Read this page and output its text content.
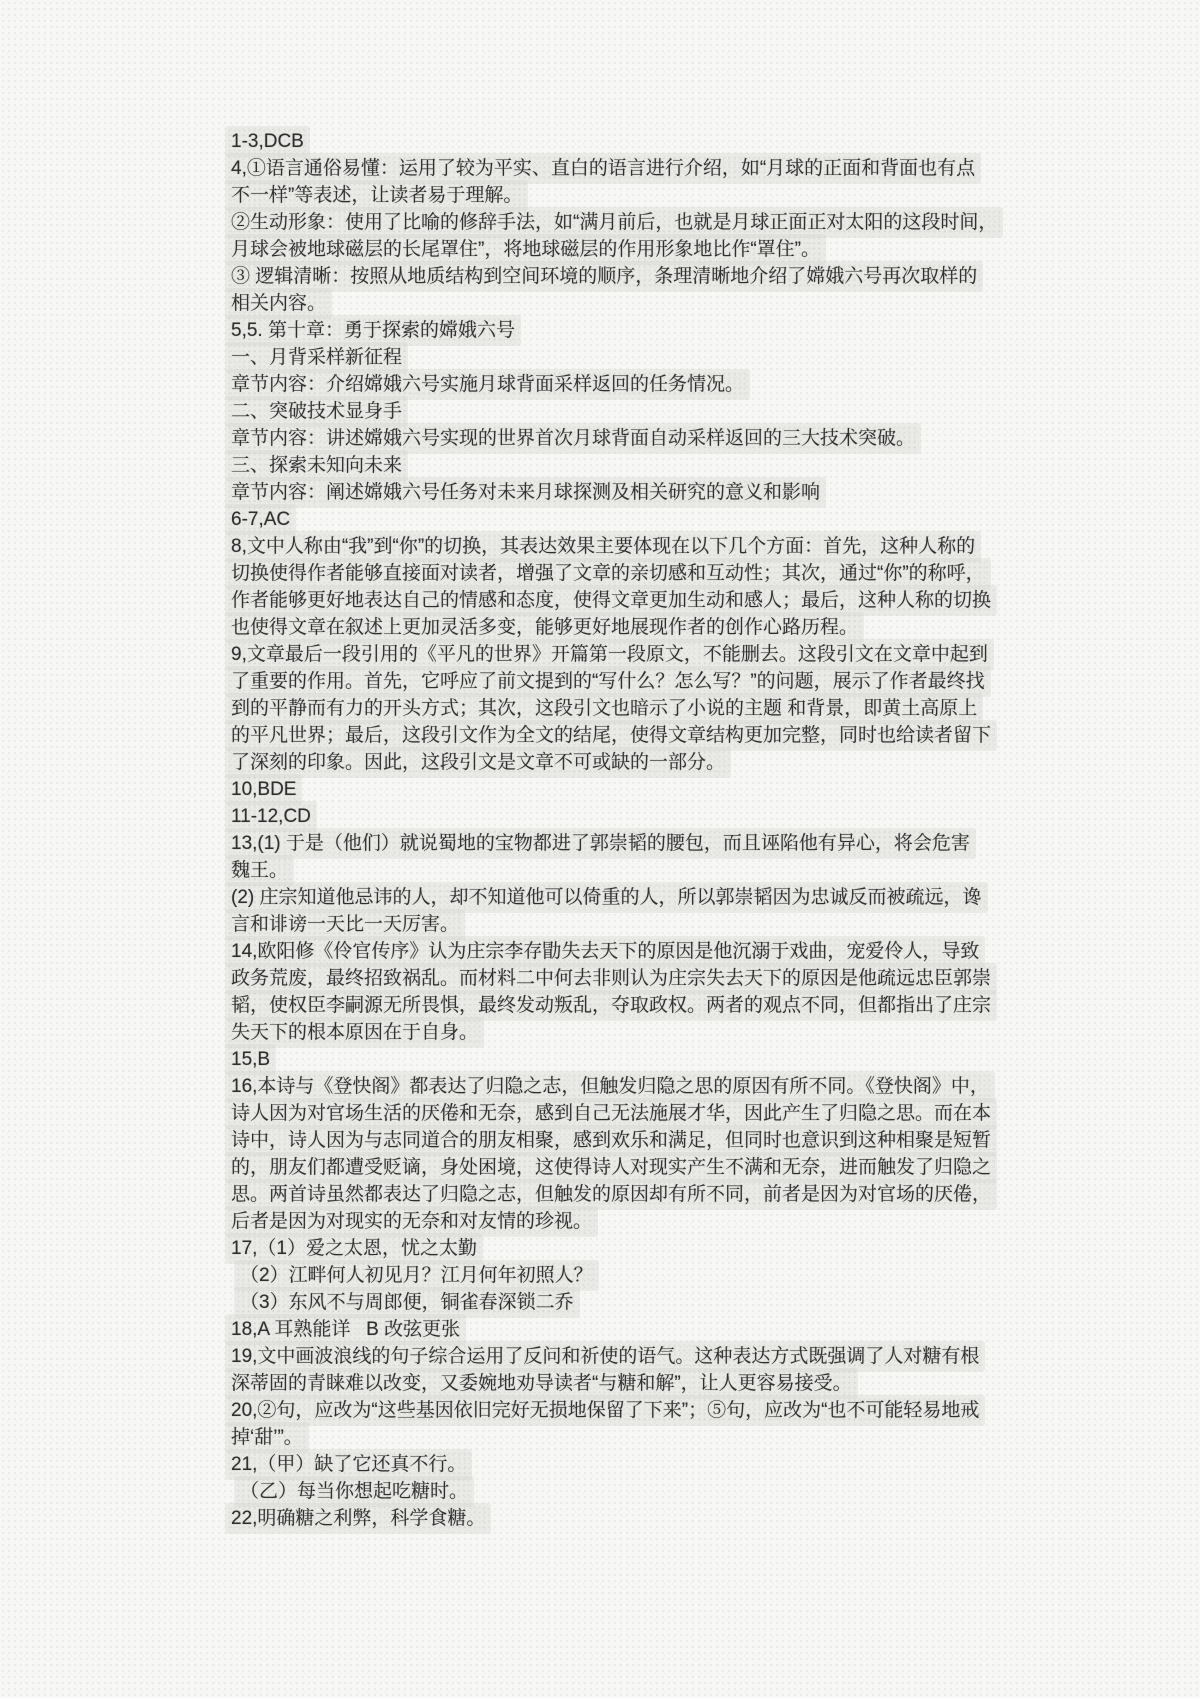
1-3,DCB

4,①语言通俗易懂：运用了较为平实、直白的语言进行介绍，如“月球的正面和背面也有点

不一样”等表述，让读者易于理解。

②生动形象：使用了比喻的修辞手法，如“满月前后，也就是月球正面正对太阳的这段时间，

月球会被地球磁层的长尾罩住”，将地球磁层的作用形象地比作“罩住”。

③ 逻辑清晰：按照从地质结构到空间环境的顺序，条理清晰地介绍了嫦娥六号再次取样的

相关内容。

5,5. 第十章：勇于探索的嫦娥六号

一、月背采样新征程

章节内容：介绍嫦娥六号实施月球背面采样返回的任务情况。

二、突破技术显身手

章节内容：讲述嫦娥六号实现的世界首次月球背面自动采样返回的三大技术突破。

三、探索未知向未来

章节内容：阐述嫦娥六号任务对未来月球探测及相关研究的意义和影响

6-7,AC

8,文中人称由“我”到“你”的切换，其表达效果主要体现在以下几个方面：首先，这种人称的

切换使得作者能够直接面对读者，增强了文章的亲切感和互动性；其次，通过“你”的称呼，

作者能够更好地表达自己的情感和态度，使得文章更加生动和感人；最后，这种人称的切换

也使得文章在叙述上更加灵活多变，能够更好地展现作者的创作心路历程。

9,文章最后一段引用的《平凡的世界》开篇第一段原文，不能删去。这段引文在文章中起到

了重要的作用。首先，它呼应了前文提到的“写什么？怎么写？”的问题，展示了作者最终找

到的平静而有力的开头方式；其次，这段引文也暗示了小说的主题 和背景，即黄土高原上

的平凡世界；最后，这段引文作为全文的结尾，使得文章结构更加完整，同时也给读者留下

了深刻的印象。因此，这段引文是文章不可或缺的一部分。

10,BDE

11-12,CD

13,(1) 于是（他们）就说蜀地的宝物都进了郭崇韬的腰包，而且诬陷他有异心，将会危害

魏王。

(2) 庄宗知道他忌讳的人，却不知道他可以倚重的人，所以郭崇韬因为忠诚反而被疏远，谗

言和诽谤一天比一天厉害。

14,欧阳修《伶官传序》认为庄宗李存勖失去天下的原因是他沉溺于戏曲，宠爱伶人，导致

政务荒废，最终招致祸乱。而材料二中何去非则认为庄宗失去天下的原因是他疏远忠臣郭崇

韬，使权臣李嗣源无所畏惧，最终发动叛乱，夺取政权。两者的观点不同，但都指出了庄宗

失天下的根本原因在于自身。

15,B

16,本诗与《登快阁》都表达了归隐之志，但触发归隐之思的原因有所不同。《登快阁》中，

诗人因为对官场生活的厌倦和无奈，感到自己无法施展才华，因此产生了归隐之思。而在本

诗中，诗人因为与志同道合的朋友相聚，感到欢乐和满足，但同时也意识到这种相聚是短暂

的，朋友们都遭受贬谪，身处困境，这使得诗人对现实产生不满和无奈，进而触发了归隐之

思。两首诗虽然都表达了归隐之志，但触发的原因却有所不同，前者是因为对官场的厌倦，

后者是因为对现实的无奈和对友情的珍视。

17,（1）爱之太恩，忧之太勤

（2）江畔何人初见月？江月何年初照人？

（3）东风不与周郎便，铜雀春深锁二乔

18,A 耳熟能详   B 改弦更张

19,文中画波浪线的句子综合运用了反问和祈使的语气。这种表达方式既强调了人对糖有根

深蒂固的青睐难以改变，又委婉地劝导读者“与糖和解”，让人更容易接受。

20,②句，应改为“这些基因依旧完好无损地保留了下来”；⑤句，应改为“也不可能轻易地戒

掉‘甜’”。

21,（甲）缺了它还真不行。

（乙）每当你想起吃糖时。

22,明确糖之利弊，科学食糖。
